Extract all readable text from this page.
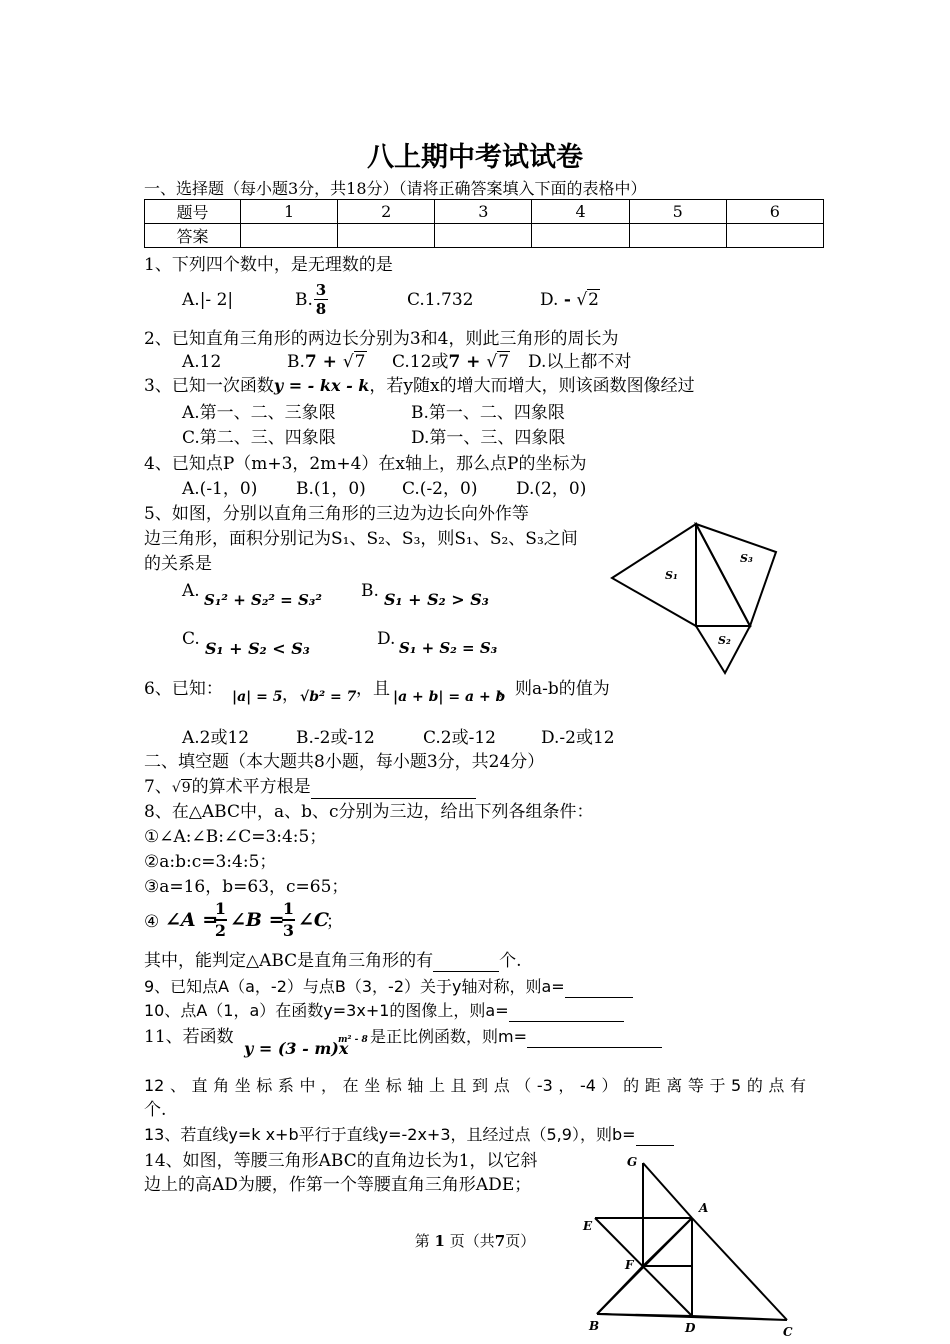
八上期中考试试卷
一、选择题（每小题3分，共18分）（请将正确答案填入下面的表格中）
题号	1	2	3	4	5	6
答案						
1、下列四个数中，是无理数的是
A.|- 2|	B. $\frac{3}{8}$	C.1.732	D. - √2
2、已知直角三角形的两边长分别为3和4，则此三角形的周长为
A.12	B.7 + √7 C.12或7 + √7 D.以上都不对
3、已知一次函数y = - kx - k，若y随x的增大而增大，则该函数图像经过
A.第一、二、三象限	B.第一、二、四象限
C.第二、三、四象限	D.第一、三、四象限
4、已知点P（m+3，2m+4）在x轴上，那么点P的坐标为
A.(-1，0) B.(1，0) C.(-2，0) D.(2，0)
5、如图，分别以直角三角形的三边为边长向外作等
边三角形，面积分别记为S₁、S₂、S₃，则S₁、S₂、S₃之间
的关系是
A. S₁² + S₂² = S₃² B. S₁ + S₂ > S₃
C. S₁ + S₂ < S₃	D. S₁ + S₂ = S₃
S₁
S₂
S₃
6、已知： |a| = 5 ， √b² = 7 ，且 |a + b| = a + b
，则a-b的值为
A.2或12	B.-2或-12	C.2或-12	D.-2或12
二、填空题（本大题共8小题，每小题3分，共24分）
7、√9的算术平方根是
8、在△ABC中，a、b、c分别为三边，给出下列各组条件：
①∠A:∠B:∠C=3:4:5；
②a:b:c=3:4:5；
③a=16，b=63，c=65；
④ ∠A =
$\frac{1}{2}$ ∠B =
$\frac{1}{3}$ ∠C
；
其中，能判定△ABC是直角三角形的有	个.
9、已知点A（a，-2）与点B（3，-2）关于y轴对称，则a=
10、点A（1，a）在函数y=3x+1的图像上，则a=
11、若函数
y = (3 - m)x
m² - 8 是正比例函数，则m=
12、直角坐标系中，在坐标轴上且到点（-3，-4）的距离等于5的点有
个.
13、若直线y=k x+b平行于直线y=-2x+3，且经过点（5,9），则b=
14、如图，等腰三角形ABC的直角边长为1，以它斜
边上的高AD为腰，作第一个等腰直角三角形ADE；
G
A
E
F
B	D	C
第 1 页（共7页）
